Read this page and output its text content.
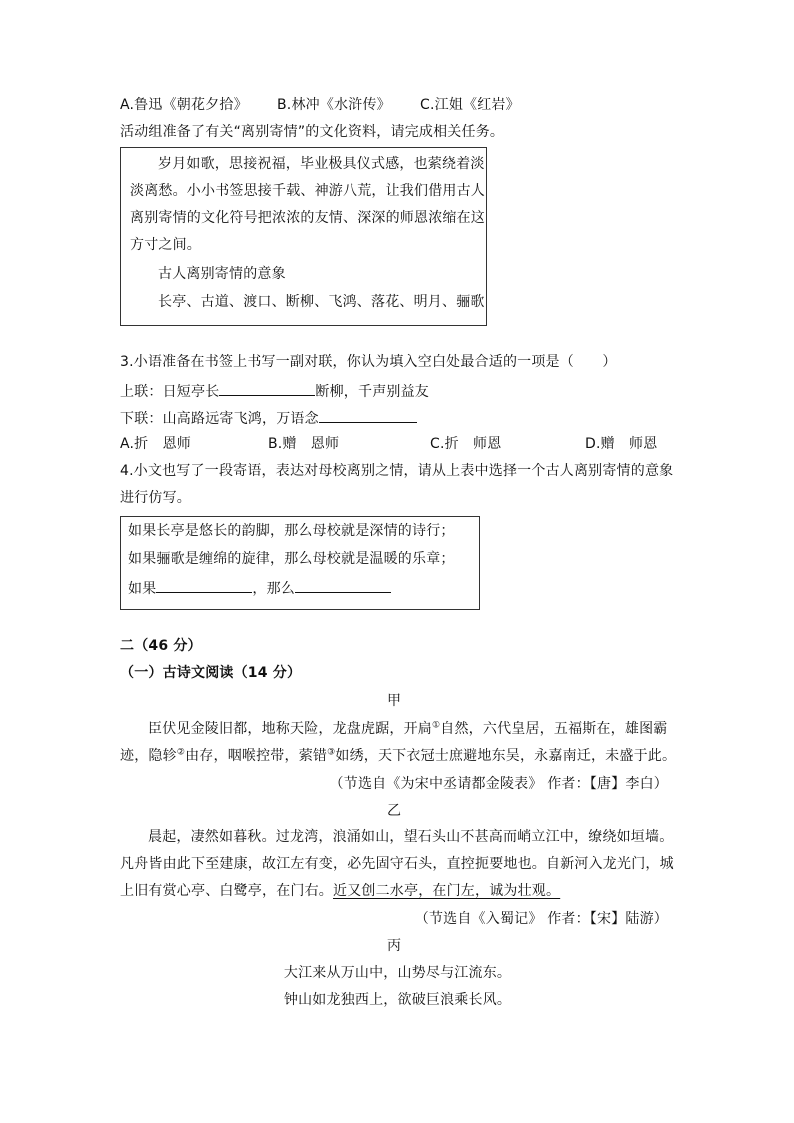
A.鲁迅《朝花夕拾》 B.林冲《水浒传》 C.江姐《红岩》
活动组准备了有关“离别寄情”的文化资料，请完成相关任务。
岁月如歌，思接祝福，毕业极具仪式感，也萦绕着淡
淡离愁。小小书签思接千载、神游八荒，让我们借用古人
离别寄情的文化符号把浓浓的友情、深深的师恩浓缩在这
方寸之间。
古人离别寄情的意象
长亭、古道、渡口、断柳、飞鸿、落花、明月、骊歌
3.小语准备在书签上书写一副对联，你认为填入空白处最合适的一项是（　　）
上联：日短亭长	断柳，千声别益友
下联：山高路远寄飞鸿，万语念
A.折　恩师	B.赠　恩师	C.折　师恩	D.赠　师恩
4.小文也写了一段寄语，表达对母校离别之情，请从上表中选择一个古人离别寄情的意象
进行仿写。
如果长亭是悠长的韵脚，那么母校就是深情的诗行；
如果骊歌是缠绵的旋律，那么母校就是温暖的乐章；
如果	，那么
二（46 分）
（一）古诗文阅读（14 分）
甲
臣伏见金陵旧都，地称天险，龙盘虎踞，开扃①自然，六代皇居，五福斯在，雄图霸
迹，隐轸②由存，咽喉控带，萦错③如绣，天下衣冠士庶避地东吴，永嘉南迁，未盛于此。
（节选自《为宋中丞请都金陵表》 作者：【唐】李白）
乙
晨起，凄然如暮秋。过龙湾，浪涌如山，望石头山不甚高而峭立江中，缭绕如垣墙。
凡舟皆由此下至建康，故江左有变，必先固守石头，直控扼要地也。自新河入龙光门，城
上旧有赏心亭、白鹭亭，在门右。近又创二水亭，在门左，诚为壮观。
（节选自《入蜀记》 作者：【宋】陆游）
丙
大江来从万山中，山势尽与江流东。
钟山如龙独西上，欲破巨浪乘长风。
